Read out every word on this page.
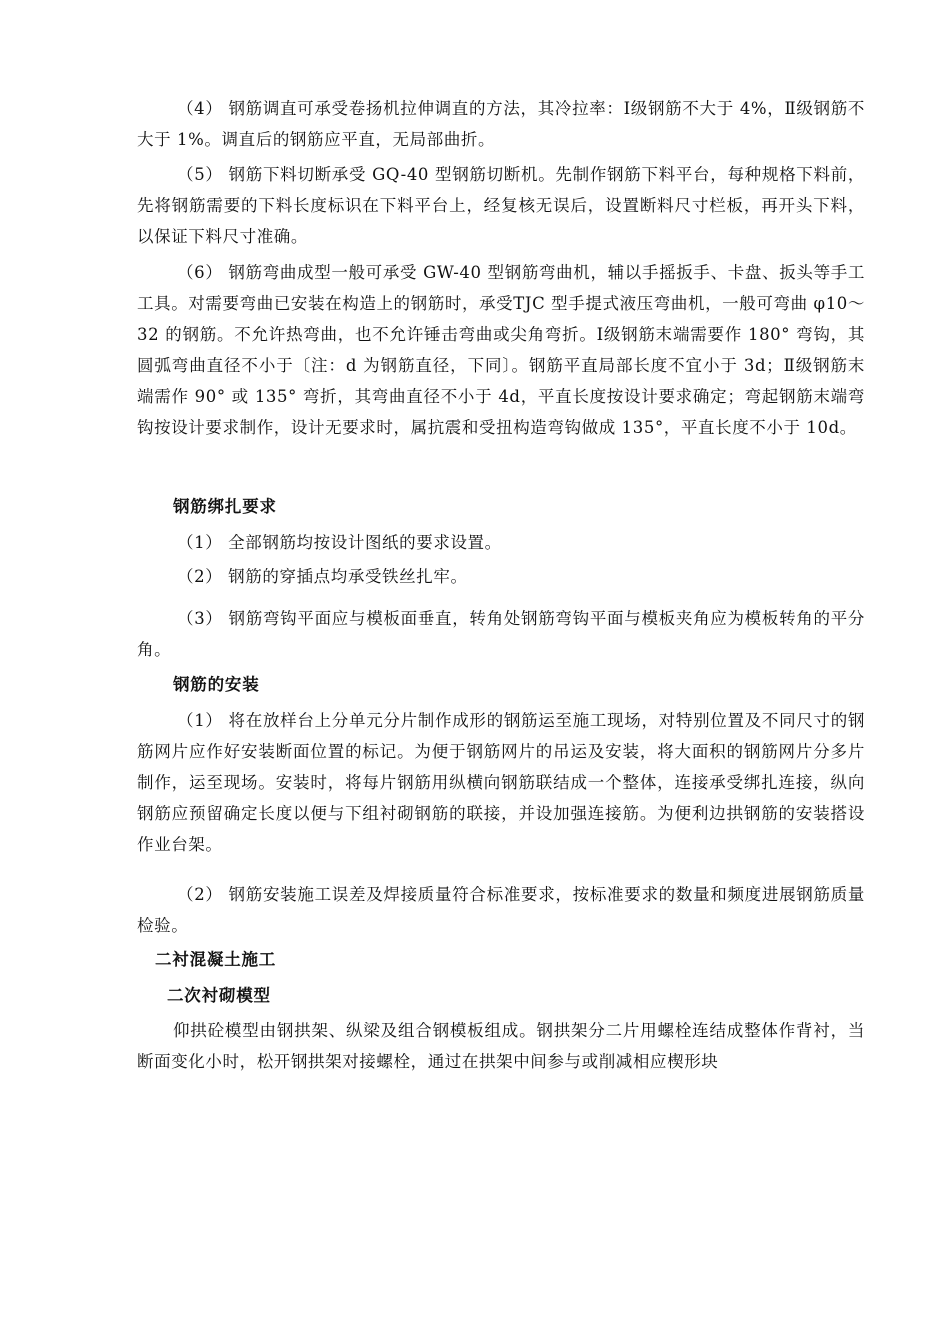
（4） 钢筋调直可承受卷扬机拉伸调直的方法，其冷拉率：Ⅰ级钢筋不大于 4%，Ⅱ级钢筋不大于 1%。调直后的钢筋应平直，无局部曲折。

（5） 钢筋下料切断承受 GQ-40 型钢筋切断机。先制作钢筋下料平台，每种规格下料前，先将钢筋需要的下料长度标识在下料平台上，经复核无误后，设置断料尺寸栏板，再开头下料，以保证下料尺寸准确。

（6） 钢筋弯曲成型一般可承受 GW-40 型钢筋弯曲机，辅以手摇扳手、卡盘、扳头等手工工具。对需要弯曲已安装在构造上的钢筋时，承受TJC 型手提式液压弯曲机，一般可弯曲 φ10～32 的钢筋。不允许热弯曲，也不允许锤击弯曲或尖角弯折。Ⅰ级钢筋末端需要作 180° 弯钩，其圆弧弯曲直径不小于〔注：d 为钢筋直径，下同〕。钢筋平直局部长度不宜小于 3d；Ⅱ级钢筋末端需作 90° 或 135° 弯折，其弯曲直径不小于 4d，平直长度按设计要求确定；弯起钢筋末端弯钩按设计要求制作，设计无要求时，属抗震和受扭构造弯钩做成 135°，平直长度不小于 10d。

钢筋绑扎要求

（1） 全部钢筋均按设计图纸的要求设置。

（2） 钢筋的穿插点均承受铁丝扎牢。

（3） 钢筋弯钩平面应与模板面垂直，转角处钢筋弯钩平面与模板夹角应为模板转角的平分角。

钢筋的安装

（1） 将在放样台上分单元分片制作成形的钢筋运至施工现场，对特别位置及不同尺寸的钢筋网片应作好安装断面位置的标记。为便于钢筋网片的吊运及安装，将大面积的钢筋网片分多片制作，运至现场。安装时，将每片钢筋用纵横向钢筋联结成一个整体，连接承受绑扎连接，纵向钢筋应预留确定长度以便与下组衬砌钢筋的联接，并设加强连接筋。为便利边拱钢筋的安装搭设作业台架。

（2） 钢筋安装施工误差及焊接质量符合标准要求，按标准要求的数量和频度进展钢筋质量检验。

二衬混凝土施工
二次衬砌模型

仰拱砼模型由钢拱架、纵梁及组合钢模板组成。钢拱架分二片用螺栓连结成整体作背衬，当断面变化小时，松开钢拱架对接螺栓，通过在拱架中间参与或削减相应楔形块
